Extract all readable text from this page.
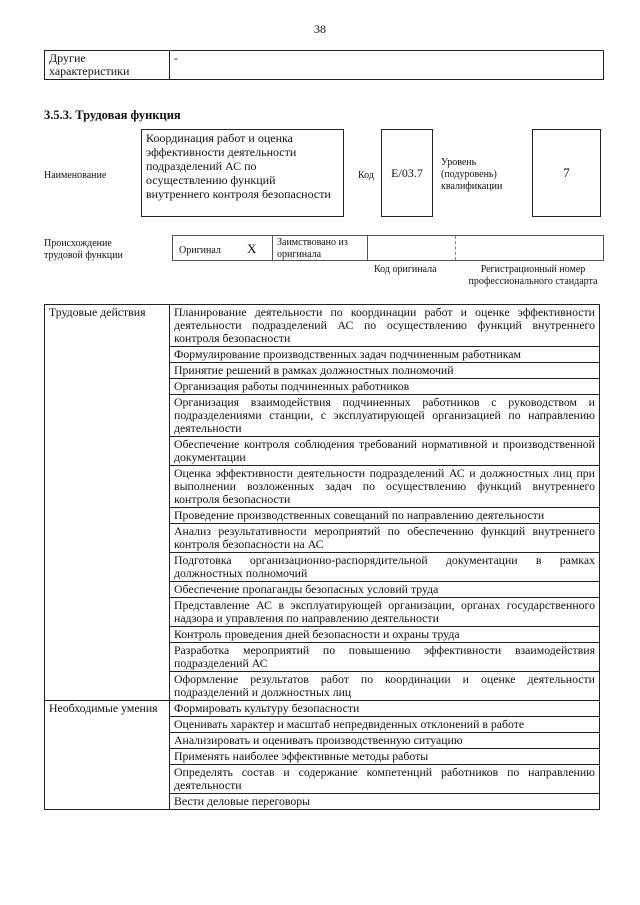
38
Другие характеристики	-
3.5.3. Трудовая функция
Наименование
Координация работ и оценка эффективности деятельности подразделений АС по осуществлению функций внутреннего контроля безопасности
Код E/03.7
Уровень (подуровень) квалификации
7
Происхождение трудовой функции	Оригинал X Заимствовано из оригинала
Код оригинала	Регистрационный номер профессионального стандарта
Трудовые действия	Планирование деятельности по координации работ и оценке эффективности деятельности подразделений АС по осуществлению функций внутреннего контроля безопасности
	Формулирование производственных задач подчиненным работникам
	Принятие решений в рамках должностных полномочий
	Организация работы подчиненных работников
	Организация взаимодействия подчиненных работников с руководством и подразделениями станции, с эксплуатирующей организацией по направлению деятельности
	Обеспечение контроля соблюдения требований нормативной и производственной документации
	Оценка эффективности деятельности подразделений АС и должностных лиц при выполнении возложенных задач по осуществлению функций внутреннего контроля безопасности
	Проведение производственных совещаний по направлению деятельности
	Анализ результативности мероприятий по обеспечению функций внутреннего контроля безопасности на АС
	Подготовка организационно-распорядительной документации в рамках должностных полномочий
	Обеспечение пропаганды безопасных условий труда
	Представление АС в эксплуатирующей организации, органах государственного надзора и управления по направлению деятельности
	Контроль проведения дней безопасности и охраны труда
	Разработка мероприятий по повышению эффективности взаимодействия подразделений АС
	Оформление результатов работ по координации и оценке деятельности подразделений и должностных лиц
Необходимые умения	Формировать культуру безопасности
	Оценивать характер и масштаб непредвиденных отклонений в работе
	Анализировать и оценивать производственную ситуацию
	Применять наиболее эффективные методы работы
	Определять состав и содержание компетенций работников по направлению деятельности
	Вести деловые переговоры
